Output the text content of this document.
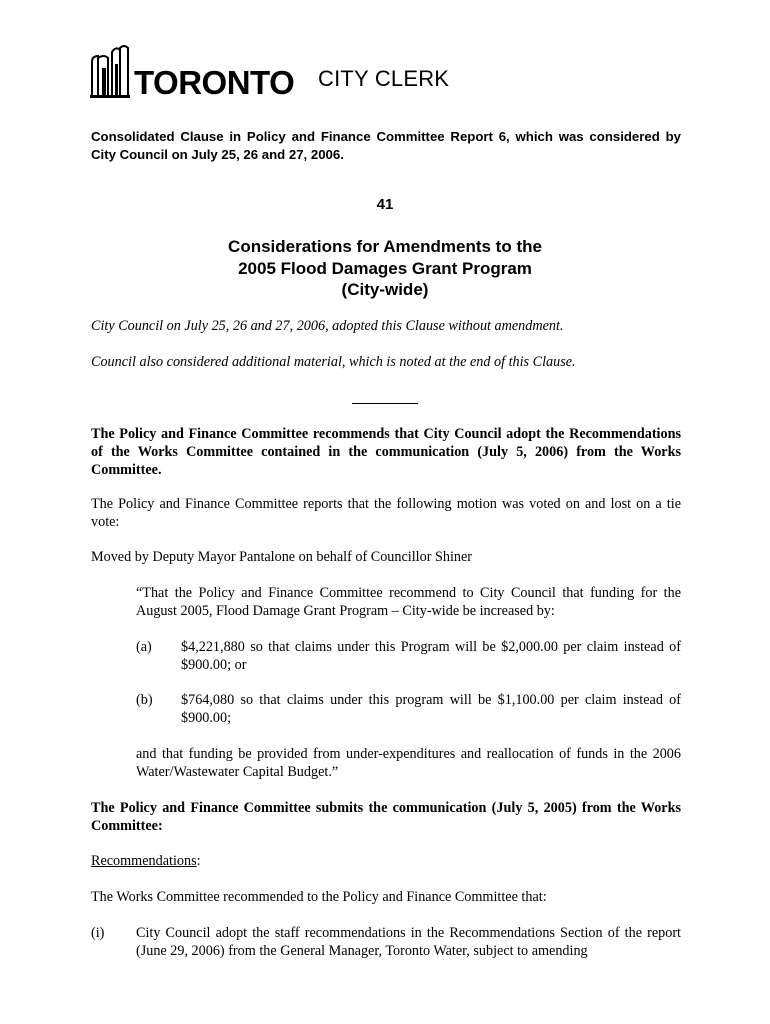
TORONTO CITY CLERK
Consolidated Clause in Policy and Finance Committee Report 6, which was considered by City Council on July 25, 26 and 27, 2006.
41
Considerations for Amendments to the
2005 Flood Damages Grant Program
(City-wide)
City Council on July 25, 26 and 27, 2006, adopted this Clause without amendment.
Council also considered additional material, which is noted at the end of this Clause.
The Policy and Finance Committee recommends that City Council adopt the Recommendations of the Works Committee contained in the communication (July 5, 2006) from the Works Committee.
The Policy and Finance Committee reports that the following motion was voted on and lost on a tie vote:
Moved by Deputy Mayor Pantalone on behalf of Councillor Shiner
“That the Policy and Finance Committee recommend to City Council that funding for the August 2005, Flood Damage Grant Program – City-wide be increased by:
(a) $4,221,880 so that claims under this Program will be $2,000.00 per claim instead of $900.00; or
(b) $764,080 so that claims under this program will be $1,100.00 per claim instead of $900.00;
and that funding be provided from under-expenditures and reallocation of funds in the 2006 Water/Wastewater Capital Budget.”
The Policy and Finance Committee submits the communication (July 5, 2005) from the Works Committee:
Recommendations:
The Works Committee recommended to the Policy and Finance Committee that:
(i) City Council adopt the staff recommendations in the Recommendations Section of the report (June 29, 2006) from the General Manager, Toronto Water, subject to amending
